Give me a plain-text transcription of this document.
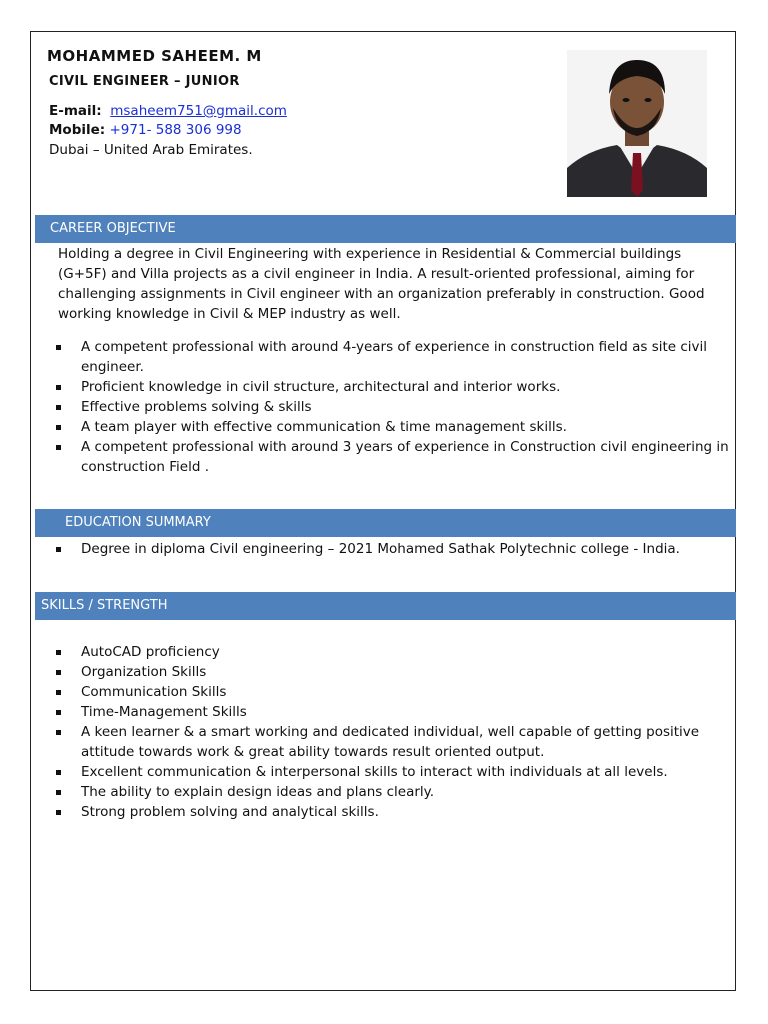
MOHAMMED SAHEEM. M
CIVIL ENGINEER – JUNIOR
E-mail: msaheem751@gmail.com
Mobile: +971- 588 306 998
Dubai – United Arab Emirates.
CAREER OBJECTIVE

Holding a degree in Civil Engineering with experience in Residential & Commercial buildings (G+5F) and Villa projects as a civil engineer in India. A result-oriented professional, aiming for challenging assignments in Civil engineer with an organization preferably in construction. Good working knowledge in Civil & MEP industry as well.

A competent professional with around 4-years of experience in construction field as site civil engineer.
Proficient knowledge in civil structure, architectural and interior works.
Effective problems solving & skills
A team player with effective communication & time management skills.
A competent professional with around 3 years of experience in Construction civil engineering in construction Field .
EDUCATION SUMMARY
Degree in diploma Civil engineering – 2021 Mohamed Sathak Polytechnic college - India.
SKILLS / STRENGTH
AutoCAD proficiency
Organization Skills
Communication Skills
Time-Management Skills
A keen learner & a smart working and dedicated individual, well capable of getting positive attitude towards work & great ability towards result oriented output.
Excellent communication & interpersonal skills to interact with individuals at all levels.
The ability to explain design ideas and plans clearly.
Strong problem solving and analytical skills.
